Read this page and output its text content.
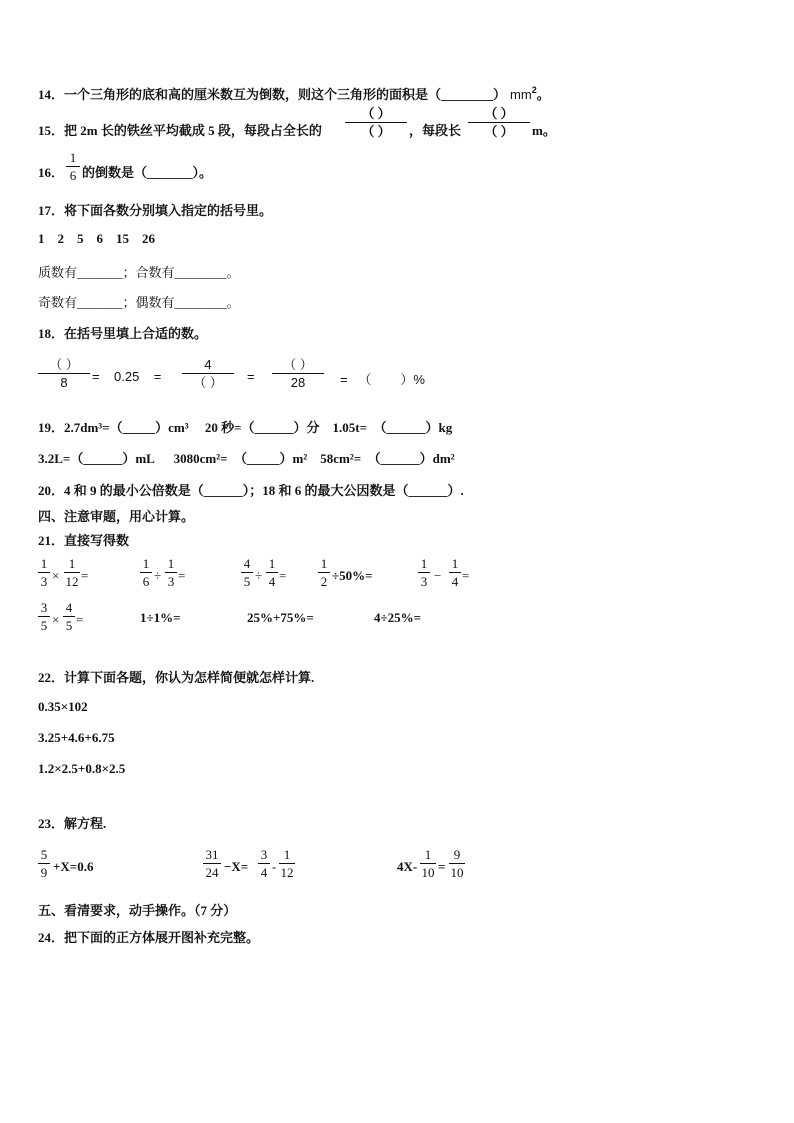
14．一个三角形的底和高的厘米数互为倒数，则这个三角形的面积是（________） $mm^2$。
15．把 2m 长的铁丝平均截成 5 段，每段占全长的
（ ）
（ ） ，每段长
（ ）
（ ） m。
16．
1
6 的倒数是（_______）。
17．将下面各数分别填入指定的括号里。
1    2    5    6    15    26
质数有_______；合数有________。
奇数有_______；偶数有________。
18．在括号里填上合适的数。
（ ）
8 =    0.25    =
4
（ ） =
（ ）
28	=   （        ）%
19．2.7dm³=（_____）cm³     20 秒=（______）分    1.05t=  （______）kg
3.2L=（______）mL      3080cm²=  （_____）m²    58cm²=  （______）dm²
20．4 和 9 的最小公倍数是（______）；18 和 6 的最大公因数是（______）.
四、注意审题，用心计算。
21．直接写得数
1
3 ×
1
12 =
1
6 ÷
1
3 =
4
5 ÷
1
4 =
1
2 ÷50%=
1
3 −
1
4 =
3
5 ×
4
5 =	1÷1%=	25%+75%=	4÷25%=
22．计算下面各题，你认为怎样简便就怎样计算.
0.35×102
3.25+4.6+6.75
1.2×2.5+0.8×2.5
23．解方程.
5
9 +X=0.6
31
24 −X=
3
4 -
1
12	4X-
1
10 =
9
10
五、看清要求，动手操作。（7 分）
24．把下面的正方体展开图补充完整。
